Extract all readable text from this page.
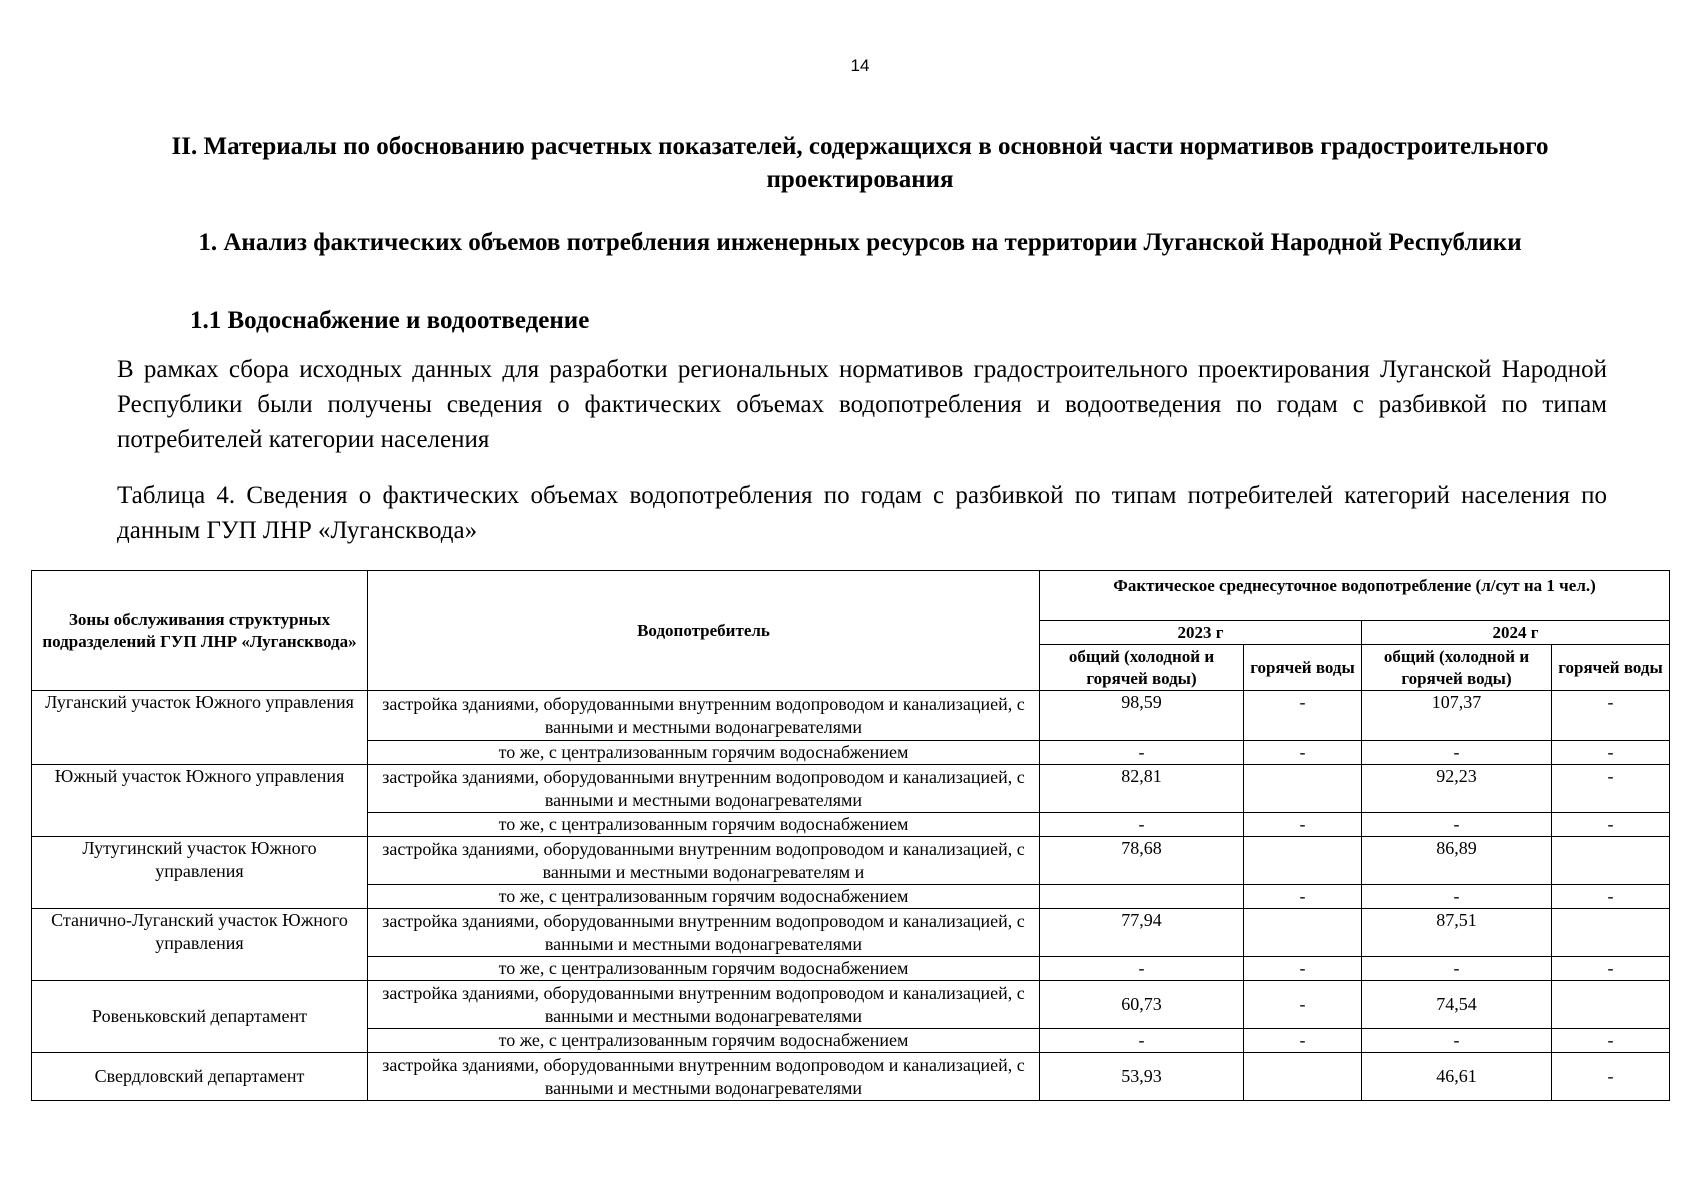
14
II. Материалы по обоснованию расчетных показателей, содержащихся в основной части нормативов градостроительного проектирования
1. Анализ фактических объемов потребления инженерных ресурсов на территории Луганской Народной Республики
1.1 Водоснабжение и водоотведение
В рамках сбора исходных данных для разработки региональных нормативов градостроительного проектирования Луганской Народной Республики были получены сведения о фактических объемах водопотребления и водоотведения по годам с разбивкой по типам потребителей категории населения
Таблица 4. Сведения о фактических объемах водопотребления по годам с разбивкой по типам потребителей категорий населения по данным ГУП ЛНР «Лугансквода»
Зоны обслуживания структурных подразделений ГУП ЛНР «Лугансквода»	Водопотребитель	Фактическое среднесуточное водопотребление (л/сут на 1 чел.)			
		2023 г		2024 г	
		общий (холодной и горячей воды)	горячей воды	общий (холодной и горячей воды)	горячей воды
Луганский участок Южного управления	застройка зданиями, оборудованными внутренним водопроводом и канализацией, с ванными и местными водонагревателями	98,59	-	107,37	-
	то же, с централизованным горячим водоснабжением	-	-	-	-
Южный участок Южного управления	застройка зданиями, оборудованными внутренним водопроводом и канализацией, с ванными и местными водонагревателями	82,81		92,23	-
	то же, с централизованным горячим водоснабжением	-	-	-	-
Лутугинский участок Южного управления	застройка зданиями, оборудованными внутренним водопроводом и канализацией, с ванными и местными водонагревателям и	78,68		86,89	
	то же, с централизованным горячим водоснабжением		-	-	-
Станично-Луганский участок Южного управления	застройка зданиями, оборудованными внутренним водопроводом и канализацией, с ванными и местными водонагревателями	77,94		87,51	
	то же, с централизованным горячим водоснабжением	-	-	-	-
Ровеньковский департамент	застройка зданиями, оборудованными внутренним водопроводом и канализацией, с ванными и местными водонагревателями	60,73	-	74,54	
	то же, с централизованным горячим водоснабжением	-	-	-	-
Свердловский департамент	застройка зданиями, оборудованными внутренним водопроводом и канализацией, с ванными и местными водонагревателями	53,93		46,61	-
